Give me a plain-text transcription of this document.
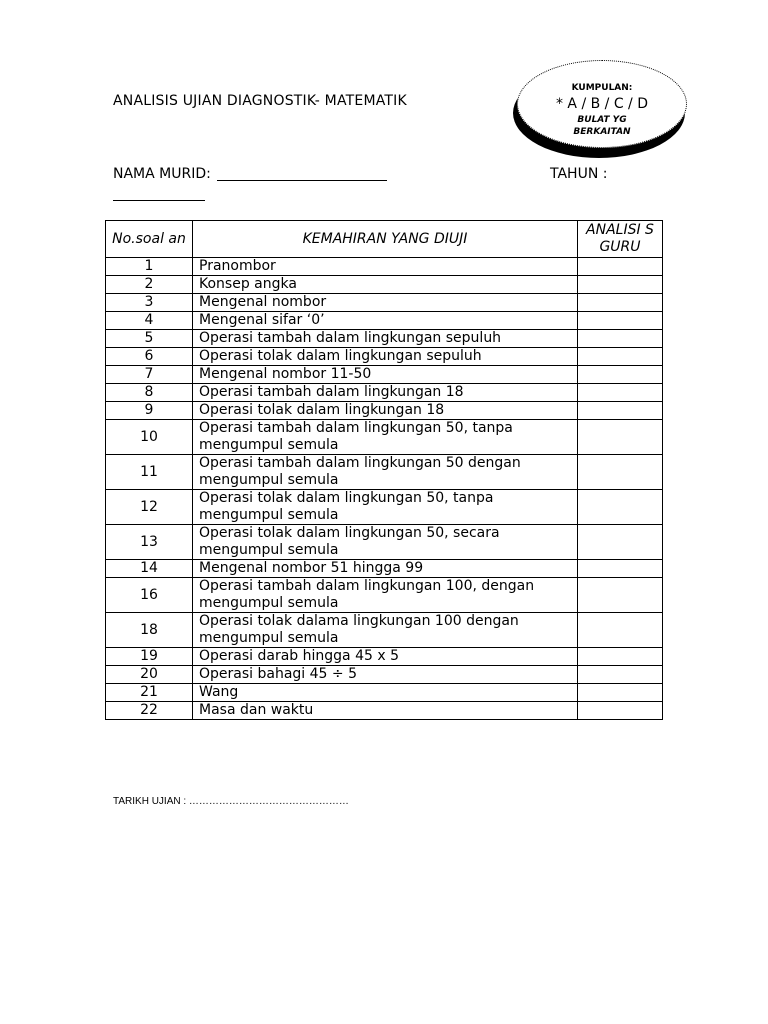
ANALISIS UJIAN DIAGNOSTIK- MATEMATIK
KUMPULAN:
* A / B / C / D
BULAT YG
BERKAITAN
NAMA MURID:	TAHUN :
No.soal an	KEMAHIRAN YANG DIUJI	ANALISI S GURU
1	Pranombor	
2	Konsep angka	
3	Mengenal nombor	
4	Mengenal sifar ‘0’	
5	Operasi tambah dalam lingkungan sepuluh	
6	Operasi tolak dalam lingkungan sepuluh	
7	Mengenal nombor 11-50	
8	Operasi tambah dalam lingkungan 18	
9	Operasi tolak dalam lingkungan 18	
10	Operasi tambah dalam lingkungan 50, tanpa mengumpul semula	
11	Operasi tambah dalam lingkungan 50 dengan mengumpul semula	
12	Operasi tolak dalam lingkungan 50, tanpa mengumpul semula	
13	Operasi tolak dalam lingkungan 50, secara mengumpul semula	
14	Mengenal nombor 51 hingga 99	
16	Operasi tambah dalam lingkungan 100, dengan mengumpul semula	
18	Operasi tolak dalama lingkungan 100 dengan mengumpul semula	
19	Operasi darab hingga 45 x 5	
20	Operasi bahagi 45 ÷ 5	
21	Wang	
22	Masa dan waktu	
TARIKH UJIAN : …………………………………………
